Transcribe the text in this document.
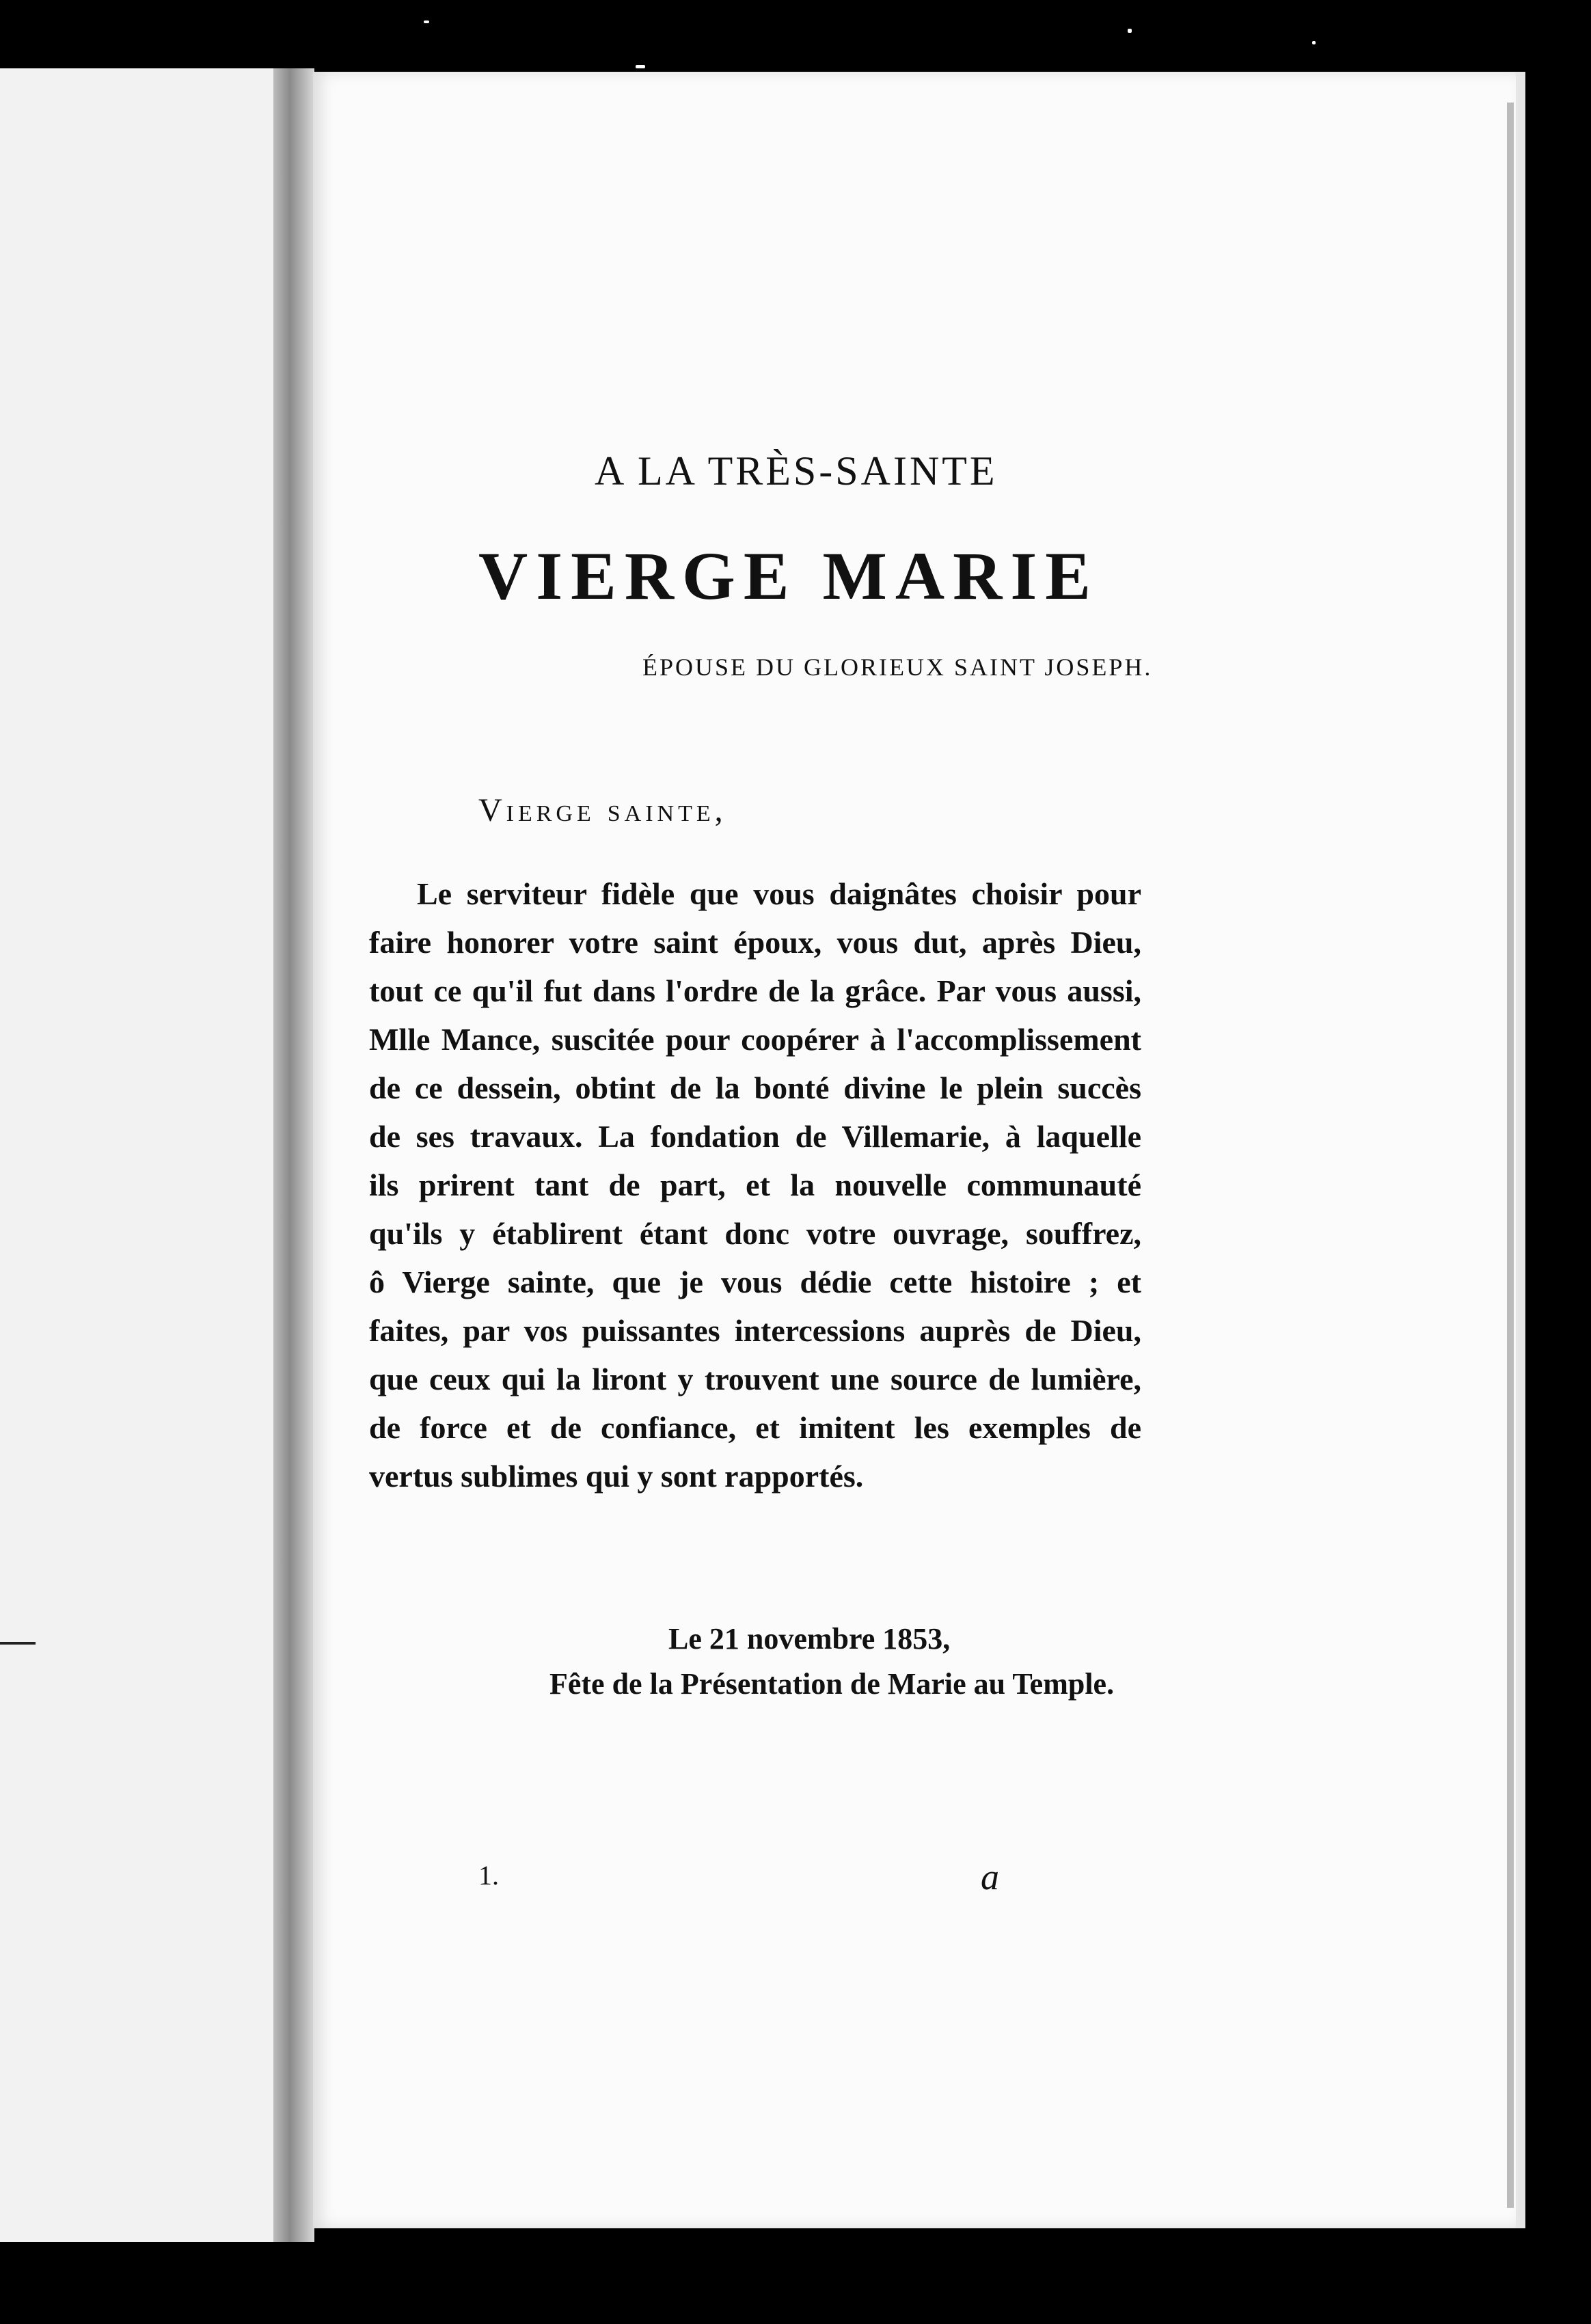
A LA TRÈS-SAINTE
VIERGE MARIE
ÉPOUSE DU GLORIEUX SAINT JOSEPH.
Vierge sainte,
Le serviteur fidèle que vous daignâtes choisir pour
faire honorer votre saint époux, vous dut, après Dieu,
tout ce qu'il fut dans l'ordre de la grâce. Par vous aussi,
Mlle Mance, suscitée pour coopérer à l'accomplissement
de ce dessein, obtint de la bonté divine le plein succès
de ses travaux. La fondation de Villemarie, à laquelle
ils prirent tant de part, et la nouvelle communauté
qu'ils y établirent étant donc votre ouvrage, souffrez,
ô Vierge sainte, que je vous dédie cette histoire ; et
faites, par vos puissantes intercessions auprès de Dieu,
que ceux qui la liront y trouvent une source de lumière,
de force et de confiance, et imitent les exemples de
vertus sublimes qui y sont rapportés.
Le 21 novembre 1853,
Fête de la Présentation de Marie au Temple.
1.	a
